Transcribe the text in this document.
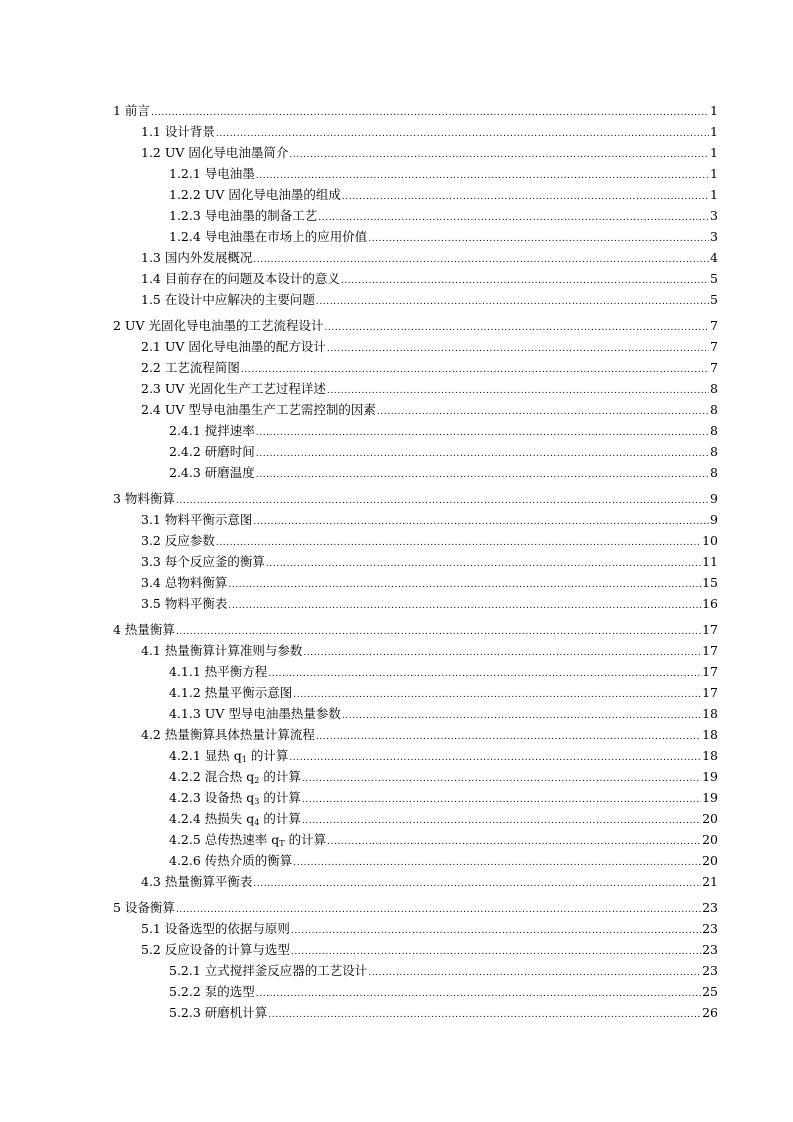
1 前言 .....	1
1.1 设计背景 .....	1
1.2 UV 固化导电油墨简介 .....	1
1.2.1 导电油墨 .....	1
1.2.2 UV 固化导电油墨的组成 .....	1
1.2.3 导电油墨的制备工艺 .....	3
1.2.4 导电油墨在市场上的应用价值 .....	3
1.3 国内外发展概况 .....	4
1.4 目前存在的问题及本设计的意义 .....	5
1.5 在设计中应解决的主要问题 .....	5
2 UV 光固化导电油墨的工艺流程设计 .....	7
2.1 UV 固化导电油墨的配方设计 .....	7
2.2 工艺流程简图 .....	7
2.3 UV 光固化生产工艺过程详述 .....	8
2.4 UV 型导电油墨生产工艺需控制的因素 .....	8
2.4.1 搅拌速率 .....	8
2.4.2 研磨时间 .....	8
2.4.3 研磨温度 .....	8
3 物料衡算 .....	9
3.1 物料平衡示意图 .....	9
3.2 反应参数 .....	10
3.3 每个反应釜的衡算 .....	11
3.4 总物料衡算 .....	15
3.5 物料平衡表 .....	16
4 热量衡算 .....	17
4.1 热量衡算计算准则与参数 .....	17
4.1.1 热平衡方程 .....	17
4.1.2 热量平衡示意图 .....	17
4.1.3 UV 型导电油墨热量参数 .....	18
4.2 热量衡算具体热量计算流程 .....	18
4.2.1 显热 $q_1$ 的计算 .....	18
4.2.2 混合热 $q_2$ 的计算 .....	19
4.2.3 设备热 $q_3$ 的计算 .....	19
4.2.4 热损失 $q_4$ 的计算 .....	20
4.2.5 总传热速率 $q_T$ 的计算 .....	20
4.2.6 传热介质的衡算 .....	20
4.3 热量衡算平衡表 .....	21
5 设备衡算 .....	23
5.1 设备选型的依据与原则 .....	23
5.2 反应设备的计算与选型 .....	23
5.2.1 立式搅拌釜反应器的工艺设计 .....	23
5.2.2 泵的选型 .....	25
5.2.3 研磨机计算 .....	26
